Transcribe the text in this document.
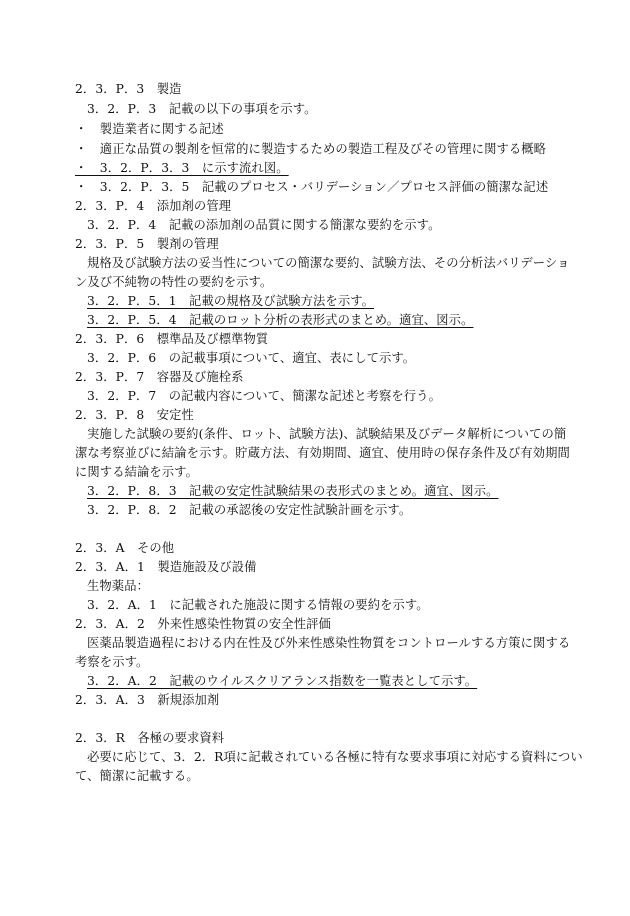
2．3．P．3　製造
3．2．P．3　記載の以下の事項を示す。
・　製造業者に関する記述
・　適正な品質の製剤を恒常的に製造するための製造工程及びその管理に関する概略
・　3．2．P．3．3　に示す流れ図。
・　3．2．P．3．5　記載のプロセス・バリデーション／プロセス評価の簡潔な記述
2．3．P．4　添加剤の管理
3．2．P．4　記載の添加剤の品質に関する簡潔な要約を示す。
2．3．P．5　製剤の管理
規格及び試験方法の妥当性についての簡潔な要約、試験方法、その分析法バリデーショ
ン及び不純物の特性の要約を示す。
3．2．P．5．1　記載の規格及び試験方法を示す。
3．2．P．5．4　記載のロット分析の表形式のまとめ。適宜、図示。
2．3．P．6　標準品及び標準物質
3．2．P．6　の記載事項について、適宜、表にして示す。
2．3．P．7　容器及び施栓系
3．2．P．7　の記載内容について、簡潔な記述と考察を行う。
2．3．P．8　安定性
実施した試験の要約(条件、ロット、試験方法)、試験結果及びデータ解析についての簡
潔な考察並びに結論を示す。貯蔵方法、有効期間、適宜、使用時の保存条件及び有効期間
に関する結論を示す。
3．2．P．8．3　記載の安定性試験結果の表形式のまとめ。適宜、図示。
3．2．P．8．2　記載の承認後の安定性試験計画を示す。
2．3．A　その他
2．3．A．1　製造施設及び設備
生物薬品：
3．2．A．1　に記載された施設に関する情報の要約を示す。
2．3．A．2　外来性感染性物質の安全性評価
医薬品製造過程における内在性及び外来性感染性物質をコントロールする方策に関する
考察を示す。
3．2．A．2　記載のウイルスクリアランス指数を一覧表として示す。
2．3．A．3　新規添加剤
2．3．R　各極の要求資料
必要に応じて、3．2．R項に記載されている各極に特有な要求事項に対応する資料につい
て、簡潔に記載する。
